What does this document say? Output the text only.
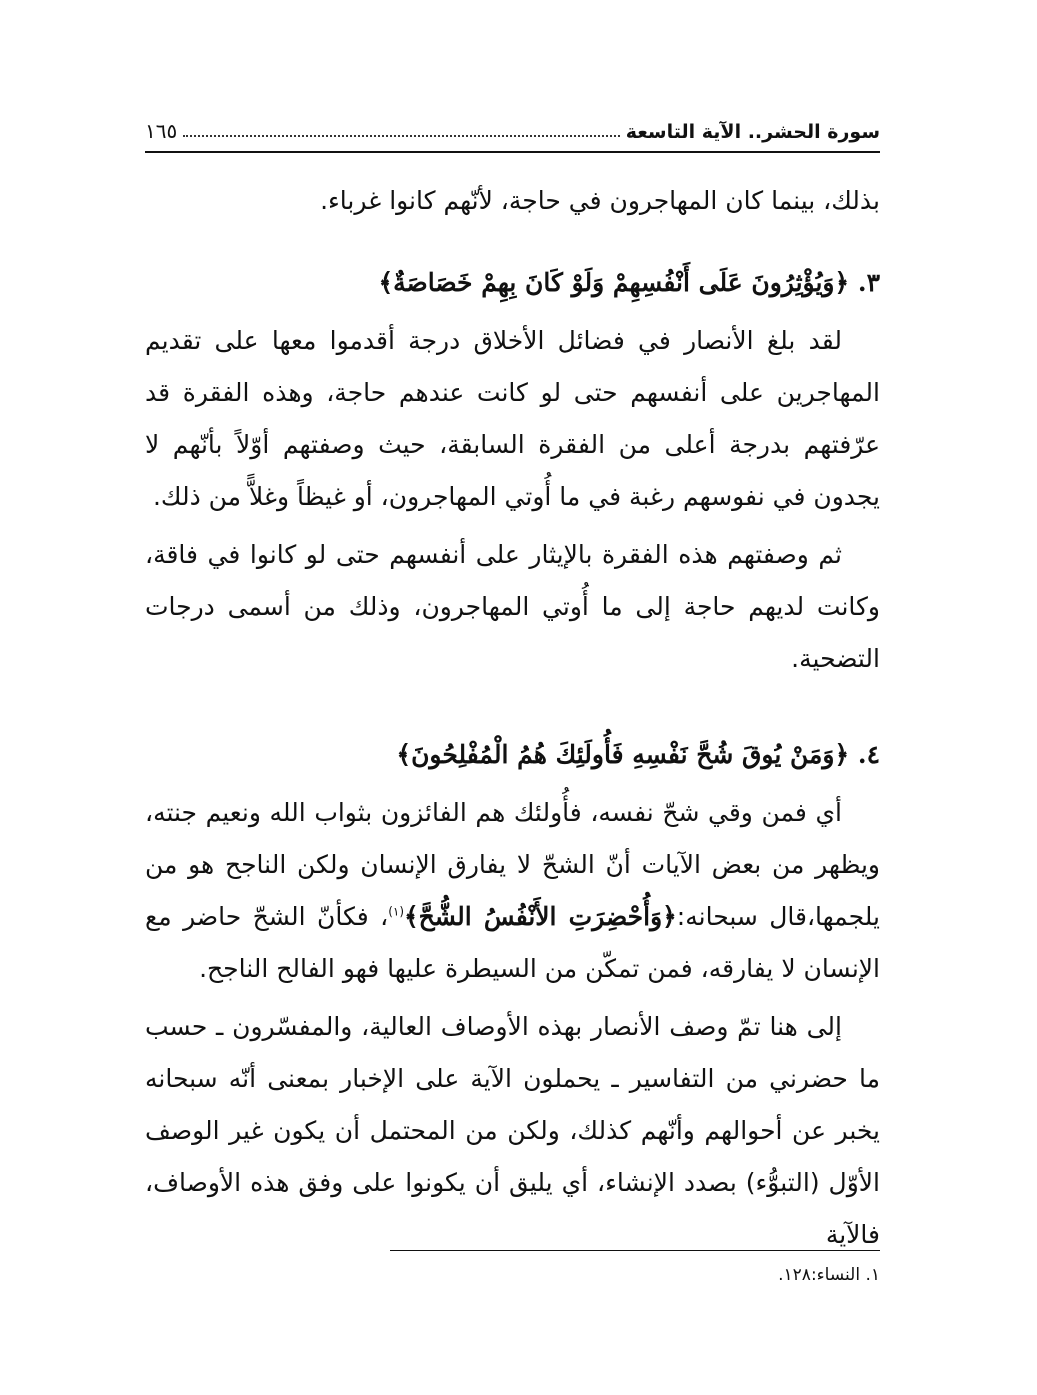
سورة الحشر.. الآية التاسعة
١٦٥

بذلك، بينما كان المهاجرون في حاجة، لأنّهم كانوا غرباء.

٣. ﴿وَيُؤْثِرُونَ عَلَى أَنْفُسِهِمْ وَلَوْ كَانَ بِهِمْ خَصَاصَةٌ﴾

لقد بلغ الأنصار في فضائل الأخلاق درجة أقدموا معها على تقديم المهاجرين على أنفسهم حتى لو كانت عندهم حاجة، وهذه الفقرة قد عرّفتهم بدرجة أعلى من الفقرة السابقة، حيث وصفتهم أوّلاً بأنّهم لا يجدون في نفوسهم رغبة في ما أُوتي المهاجرون، أو غيظاً وغلاًّ من ذلك.

ثم وصفتهم هذه الفقرة بالإيثار على أنفسهم حتى لو كانوا في فاقة، وكانت لديهم حاجة إلى ما أُوتي المهاجرون، وذلك من أسمى درجات التضحية.

٤. ﴿وَمَنْ يُوقَ شُحَّ نَفْسِهِ فَأُولَئِكَ هُمُ الْمُفْلِحُونَ﴾

أي فمن وقي شحّ نفسه، فأُولئك هم الفائزون بثواب الله ونعيم جنته، ويظهر من بعض الآيات أنّ الشحّ لا يفارق الإنسان ولكن الناجح هو من يلجمها،قال سبحانه:﴿وَأُحْضِرَتِ الأَنْفُسُ الشُّحَّ﴾$^{(١)}$، فكأنّ الشحّ حاضر مع الإنسان لا يفارقه، فمن تمكّن من السيطرة عليها فهو الفالح الناجح.

إلى هنا تمّ وصف الأنصار بهذه الأوصاف العالية، والمفسّرون ـ حسب ما حضرني من التفاسير ـ يحملون الآية على الإخبار بمعنى أنّه سبحانه يخبر عن أحوالهم وأنّهم كذلك، ولكن من المحتمل أن يكون غير الوصف الأوّل (التبوُّء) بصدد الإنشاء، أي يليق أن يكونوا على وفق هذه الأوصاف، فالآية

١. النساء:١٢٨.
